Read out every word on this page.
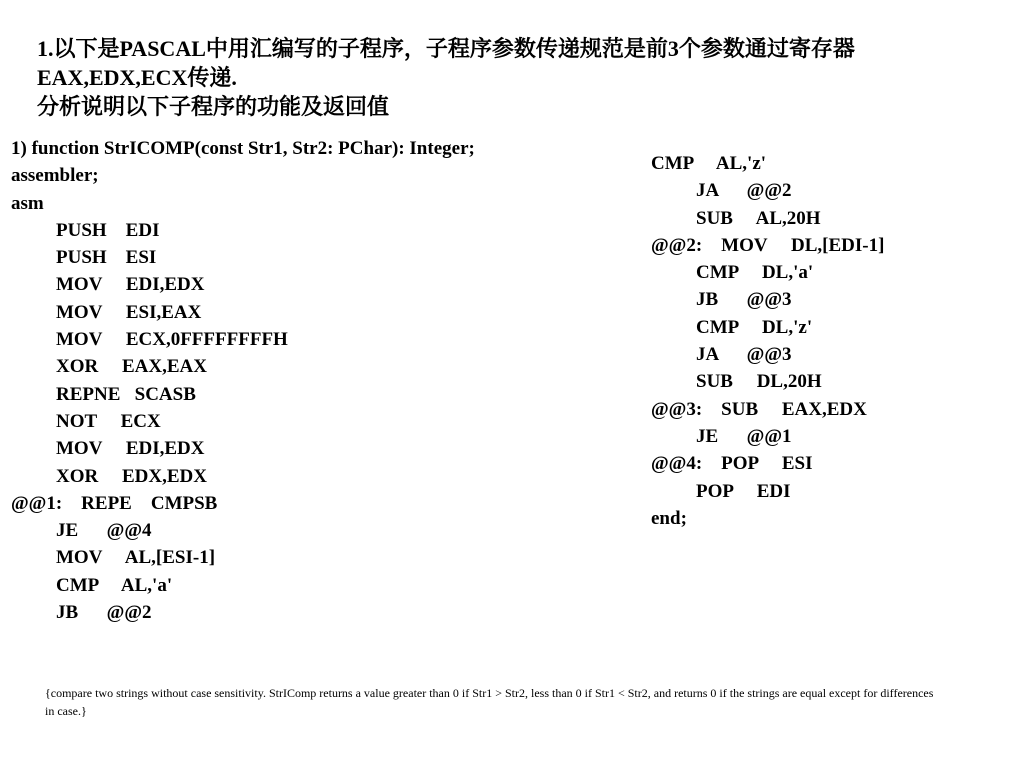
1.以下是PASCAL中用汇编写的子程序，子程序参数传递规范是前3个参数通过寄存器
EAX,EDX,ECX传递.
分析说明以下子程序的功能及返回值
1) function StrICOMP(const Str1, Str2: PChar): Integer;
assembler;
asm
PUSH    EDI
PUSH    ESI
MOV     EDI,EDX
MOV     ESI,EAX
MOV     ECX,0FFFFFFFFH
XOR     EAX,EAX
REPNE   SCASB
NOT     ECX
MOV     EDI,EDX
XOR     EDX,EDX
@@1:    REPE    CMPSB
JE      @@4
MOV     AL,[ESI-1]
CMP     AL,'a'
JB      @@2
CMP     AL,'z'
JA      @@2
SUB     AL,20H
@@2:    MOV     DL,[EDI-1]
CMP     DL,'a'
JB      @@3
CMP     DL,'z'
JA      @@3
SUB     DL,20H
@@3:    SUB     EAX,EDX
JE      @@1
@@4:    POP     ESI
POP     EDI
end;
{compare two strings without case sensitivity. StrIComp returns a value greater than 0 if Str1 > Str2, less than 0 if Str1 < Str2, and returns 0 if the strings are equal except for differences in case.}
